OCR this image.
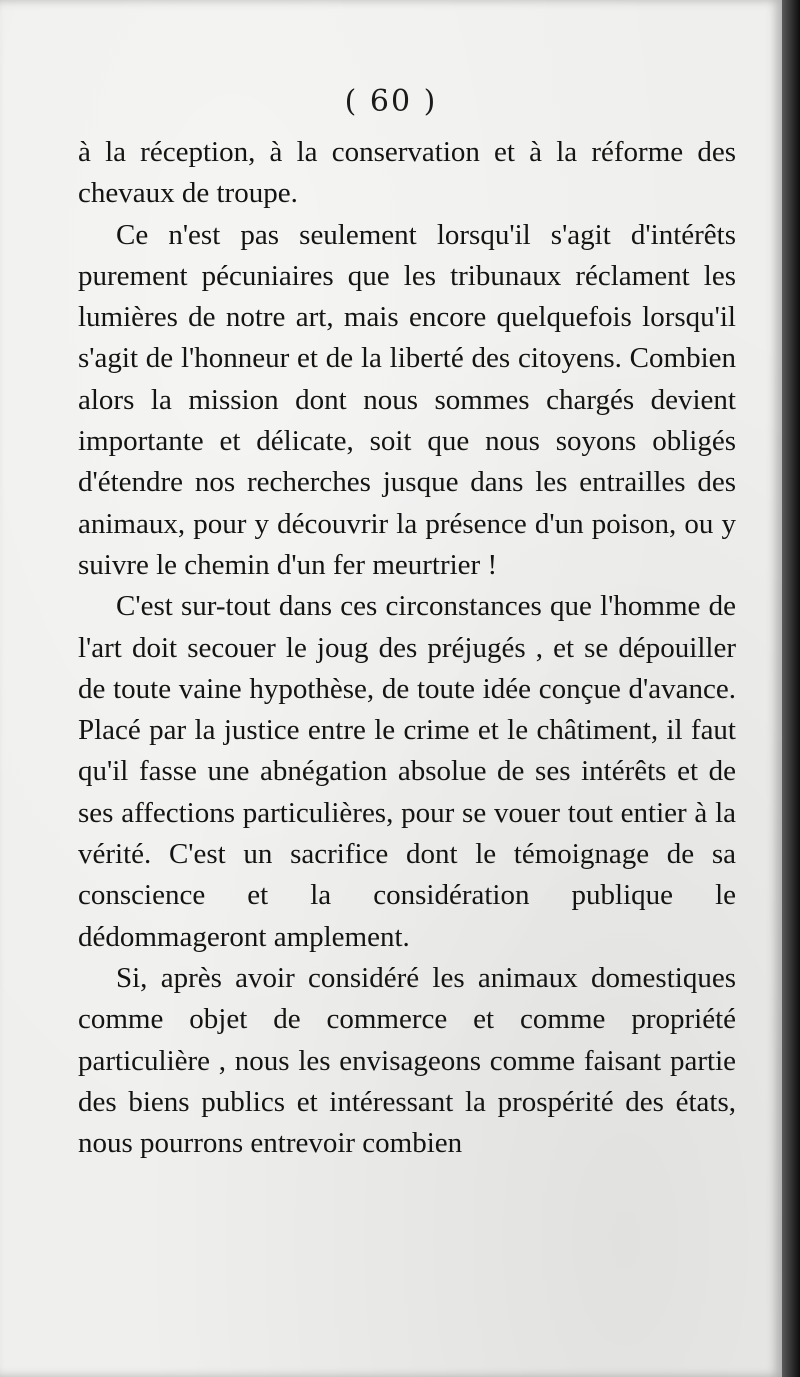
( 60 )

à la réception, à la conservation et à la réforme des chevaux de troupe.

Ce n'est pas seulement lorsqu'il s'agit d'intérêts purement pécuniaires que les tribunaux réclament les lumières de notre art, mais encore quelquefois lorsqu'il s'agit de l'honneur et de la liberté des citoyens. Combien alors la mission dont nous sommes chargés devient importante et délicate, soit que nous soyons obligés d'étendre nos recherches jusque dans les entrailles des animaux, pour y découvrir la présence d'un poison, ou y suivre le chemin d'un fer meurtrier !

C'est sur-tout dans ces circonstances que l'homme de l'art doit secouer le joug des préjugés , et se dépouiller de toute vaine hypothèse, de toute idée conçue d'avance. Placé par la justice entre le crime et le châtiment, il faut qu'il fasse une abnégation absolue de ses intérêts et de ses affections particulières, pour se vouer tout entier à la vérité. C'est un sacrifice dont le témoignage de sa conscience et la considération publique le dédommageront amplement.

Si, après avoir considéré les animaux domestiques comme objet de commerce et comme propriété particulière , nous les envisageons comme faisant partie des biens publics et intéressant la prospérité des états, nous pourrons entrevoir combien
